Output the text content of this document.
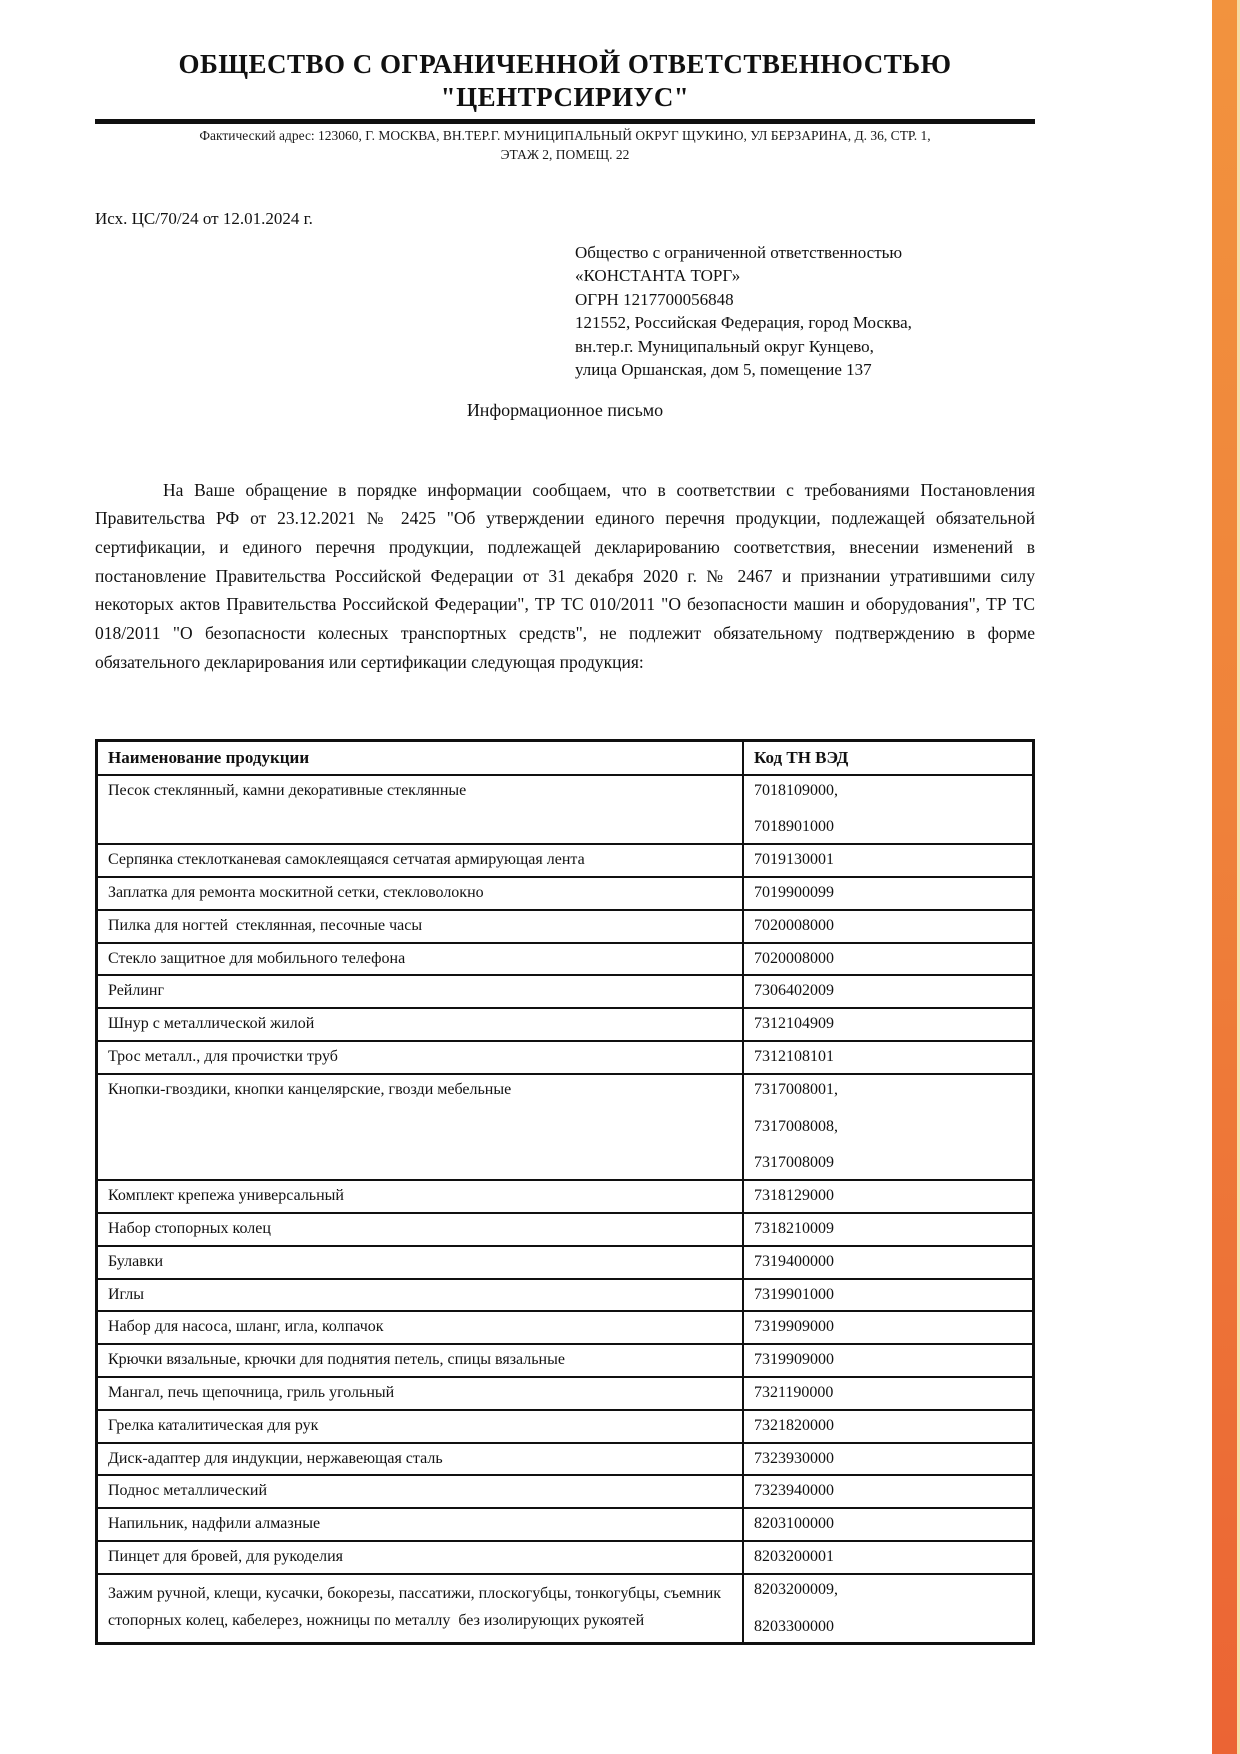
ОБЩЕСТВО С ОГРАНИЧЕННОЙ ОТВЕТСТВЕННОСТЬЮ
"ЦЕНТРСИРИУС"
Фактический адрес: 123060, Г. МОСКВА, ВН.ТЕР.Г. МУНИЦИПАЛЬНЫЙ ОКРУГ ЩУКИНО, УЛ БЕРЗАРИНА, Д. 36, СТР. 1,
ЭТАЖ 2, ПОМЕЩ. 22
Исх. ЦС/70/24 от 12.01.2024 г.
Общество с ограниченной ответственностью
«КОНСТАНТА ТОРГ»
ОГРН 1217700056848
121552, Российская Федерация, город Москва,
вн.тер.г. Муниципальный округ Кунцево,
улица Оршанская, дом 5, помещение 137
Информационное письмо
На Ваше обращение в порядке информации сообщаем, что в соответствии с требованиями Постановления Правительства РФ от 23.12.2021 № 2425 "Об утверждении единого перечня продукции, подлежащей обязательной сертификации, и единого перечня продукции, подлежащей декларированию соответствия, внесении изменений в постановление Правительства Российской Федерации от 31 декабря 2020 г. № 2467 и признании утратившими силу некоторых актов Правительства Российской Федерации", ТР ТС 010/2011 "О безопасности машин и оборудования", ТР ТС 018/2011 "О безопасности колесных транспортных средств", не подлежит обязательному подтверждению в форме обязательного декларирования или сертификации следующая продукция:
Наименование продукции	Код ТН ВЭД
Песок стеклянный, камни декоративные стеклянные	7018109000,
7018901000

Серпянка стеклотканевая самоклеящаяся сетчатая армирующая лента	7019130001

Заплатка для ремонта москитной сетки, стекловолокно	7019900099

Пилка для ногтей  стеклянная, песочные часы	7020008000

Стекло защитное для мобильного телефона	7020008000

Рейлинг	7306402009

Шнур с металлической жилой	7312104909

Трос металл., для прочистки труб	7312108101

Кнопки-гвоздики, кнопки канцелярские, гвозди мебельные	7317008001,
7317008008,
7317008009

Комплект крепежа универсальный	7318129000

Набор стопорных колец	7318210009

Булавки	7319400000

Иглы	7319901000

Набор для насоса, шланг, игла, колпачок	7319909000

Крючки вязальные, крючки для поднятия петель, спицы вязальные	7319909000

Мангал, печь щепочница, гриль угольный	7321190000

Грелка каталитическая для рук	7321820000

Диск-адаптер для индукции, нержавеющая сталь	7323930000

Поднос металлический	7323940000

Напильник, надфили алмазные	8203100000

Пинцет для бровей, для рукоделия	8203200001

Зажим ручной, клещи, кусачки, бокорезы, пассатижи, плоскогубцы, тонкогубцы, съемник стопорных колец, кабелерез, ножницы по металлу  без изолирующих рукоятей	8203200009,
8203300000
